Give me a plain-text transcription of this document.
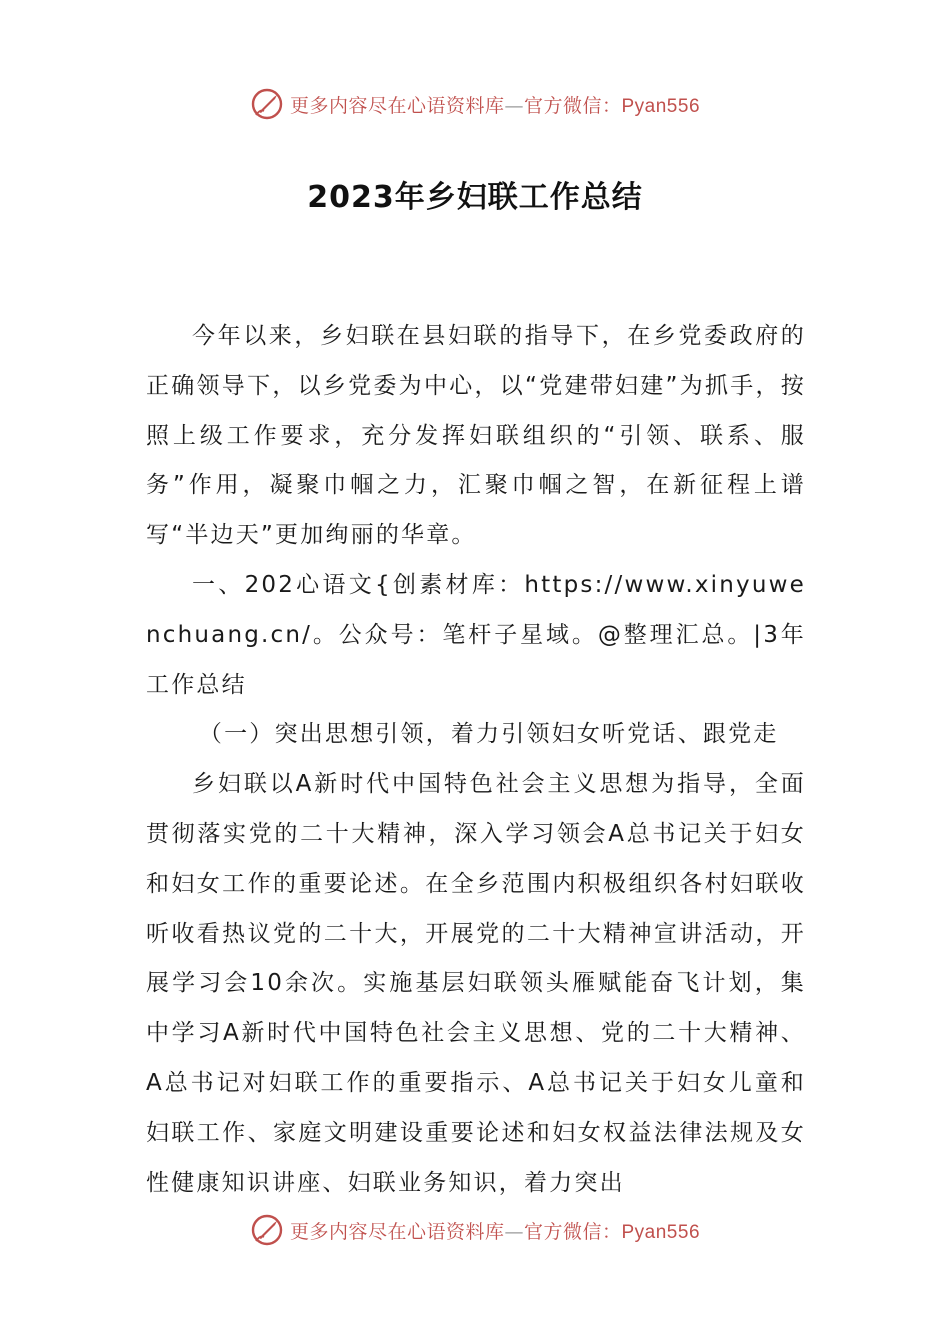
更多内容尽在心语资料库—官方微信：Pyan556
2023年乡妇联工作总结

今年以来，乡妇联在县妇联的指导下，在乡党委政府的正确领导下，以乡党委为中心，以“党建带妇建”为抓手，按照上级工作要求，充分发挥妇联组织的“引领、联系、服务”作用，凝聚巾帼之力，汇聚巾帼之智，在新征程上谱写“半边天”更加绚丽的华章。

一、202心语文{创素材库：https://www.xinyuwenchuang.cn/。公众号：笔杆子星域。@整理汇总。|3年工作总结

（一）突出思想引领，着力引领妇女听党话、跟党走

乡妇联以A新时代中国特色社会主义思想为指导，全面贯彻落实党的二十大精神，深入学习领会A总书记关于妇女和妇女工作的重要论述。在全乡范围内积极组织各村妇联收听收看热议党的二十大，开展党的二十大精神宣讲活动，开展学习会10余次。实施基层妇联领头雁赋能奋飞计划，集中学习A新时代中国特色社会主义思想、党的二十大精神、A总书记对妇联工作的重要指示、A总书记关于妇女儿童和妇联工作、家庭文明建设重要论述和妇女权益法律法规及女性健康知识讲座、妇联业务知识，着力突出

更多内容尽在心语资料库—官方微信：Pyan556
